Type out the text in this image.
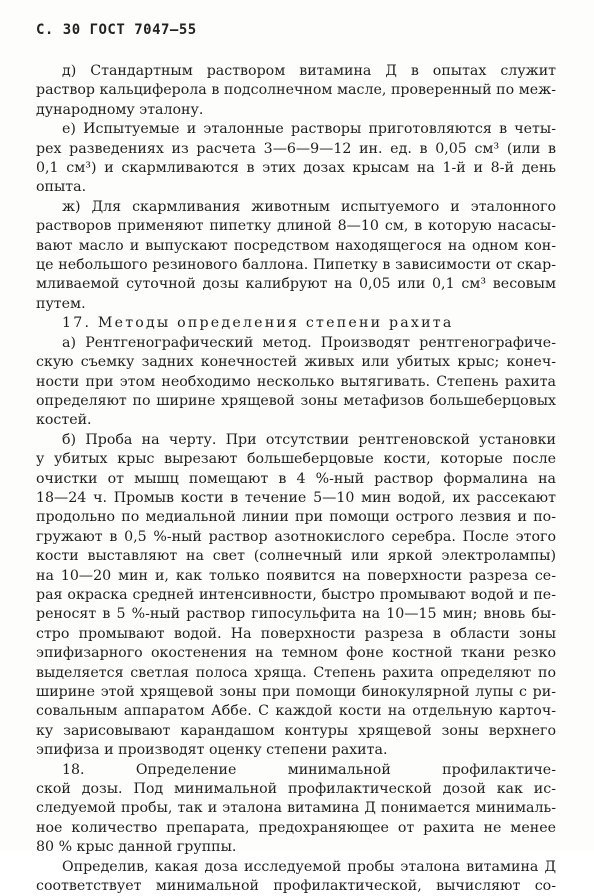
С. 30 ГОСТ 7047—55
д) Стандартным раствором витамина Д в опытах служит
раствор кальциферола в подсолнечном масле, проверенный по меж-
дународному эталону.
е) Испытуемые и эталонные растворы приготовляются в четы-
рех разведениях из расчета 3—6—9—12 ин. ед. в 0,05 см³ (или в
0,1 см³) и скармливаются в этих дозах крысам на 1-й и 8-й день
опыта.
ж) Для скармливания животным испытуемого и эталонного
растворов применяют пипетку длиной 8—10 см, в которую насасы-
вают масло и выпускают посредством находящегося на одном кон-
це небольшого резинового баллона. Пипетку в зависимости от скар-
мливаемой суточной дозы калибруют на 0,05 или 0,1 см³ весовым
путем.
17. Методы определения степени рахита
а) Рентгенографический метод. Производят рентгенографиче-
скую съемку задних конечностей живых или убитых крыс; конеч-
ности при этом необходимо несколько вытягивать. Степень рахита
определяют по ширине хрящевой зоны метафизов большеберцовых
костей.
б) Проба на черту. При отсутствии рентгеновской установки
у убитых крыс вырезают большеберцовые кости, которые после
очистки от мышц помещают в 4 %-ный раствор формалина на
18—24 ч. Промыв кости в течение 5—10 мин водой, их рассекают
продольно по медиальной линии при помощи острого лезвия и по-
гружают в 0,5 %-ный раствор азотнокислого серебра. После этого
кости выставляют на свет (солнечный или яркой электролампы)
на 10—20 мин и, как только появится на поверхности разреза се-
рая окраска средней интенсивности, быстро промывают водой и пе-
реносят в 5 %-ный раствор гипосульфита на 10—15 мин; вновь бы-
стро промывают водой. На поверхности разреза в области зоны
эпифизарного окостенения на темном фоне костной ткани резко
выделяется светлая полоса хряща. Степень рахита определяют по
ширине этой хрящевой зоны при помощи бинокулярной лупы с ри-
совальным аппаратом Аббе. С каждой кости на отдельную карточ-
ку зарисовывают карандашом контуры хрящевой зоны верхнего
эпифиза и производят оценку степени рахита.
18. Определение минимальной профилактиче-
ской дозы. Под минимальной профилактической дозой как ис-
следуемой пробы, так и эталона витамина Д понимается минималь-
ное количество препарата, предохраняющее от рахита не менее
80 % крыс данной группы.
Определив, какая доза исследуемой пробы эталона витамина Д
соответствует минимальной профилактической, вычисляют со-
